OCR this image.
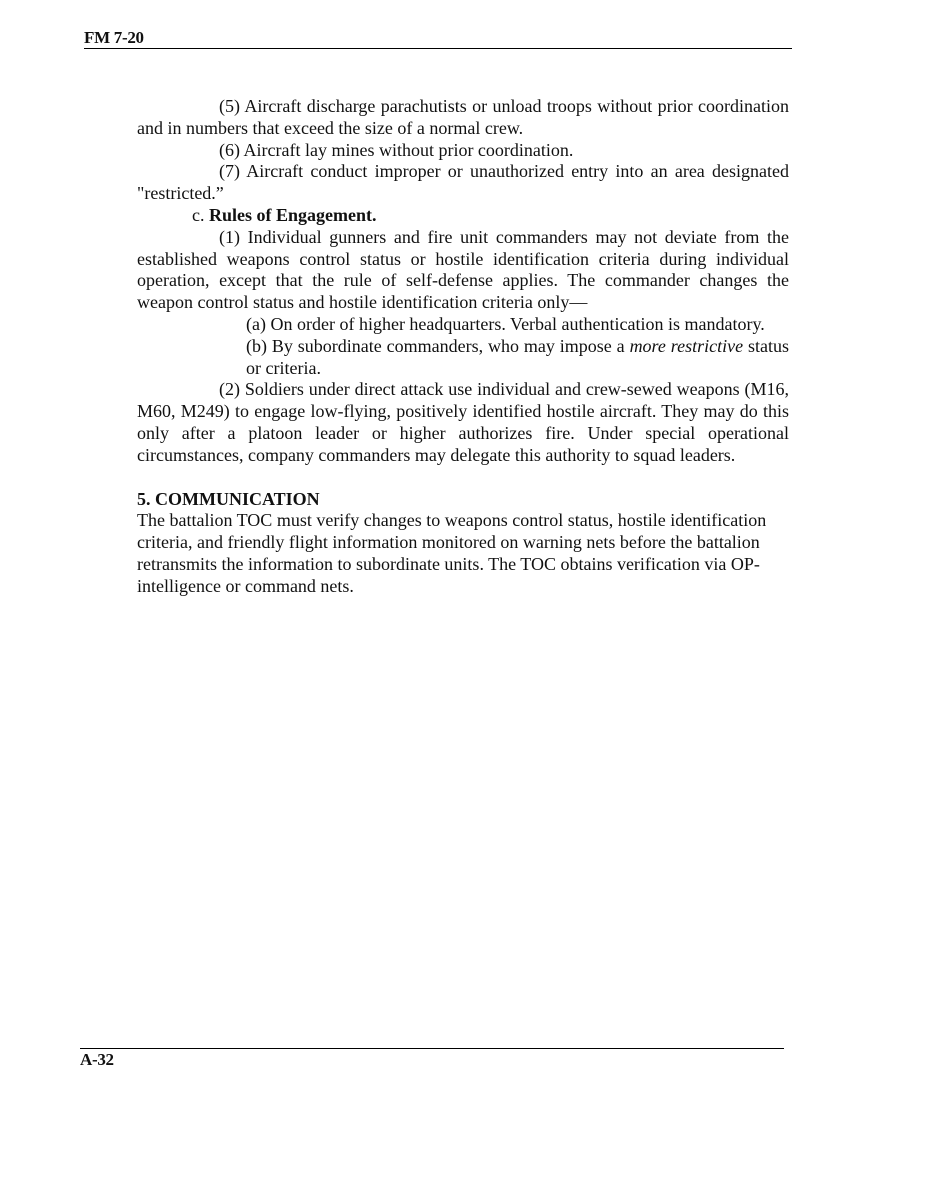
FM 7-20

(5) Aircraft discharge parachutists or unload troops without prior coordination and in numbers that exceed the size of a normal crew.

(6) Aircraft lay mines without prior coordination.

(7) Aircraft conduct improper or unauthorized entry into an area designated "restricted.”

c. Rules of Engagement.

(1) Individual gunners and fire unit commanders may not deviate from the established weapons control status or hostile identification criteria during individual operation, except that the rule of self-defense applies. The commander changes the weapon control status and hostile identification criteria only—

(a) On order of higher headquarters. Verbal authentication is mandatory.

(b) By subordinate commanders, who may impose a more restrictive status or criteria.

(2) Soldiers under direct attack use individual and crew-sewed weapons (M16, M60, M249) to engage low-flying, positively identified hostile aircraft. They may do this only after a platoon leader or higher authorizes fire. Under special operational circumstances, company commanders may delegate this authority to squad leaders.

5. COMMUNICATION

The battalion TOC must verify changes to weapons control status, hostile identification criteria, and friendly flight information monitored on warning nets before the battalion retransmits the information to subordinate units. The TOC obtains verification via OP-intelligence or command nets.

A-32
